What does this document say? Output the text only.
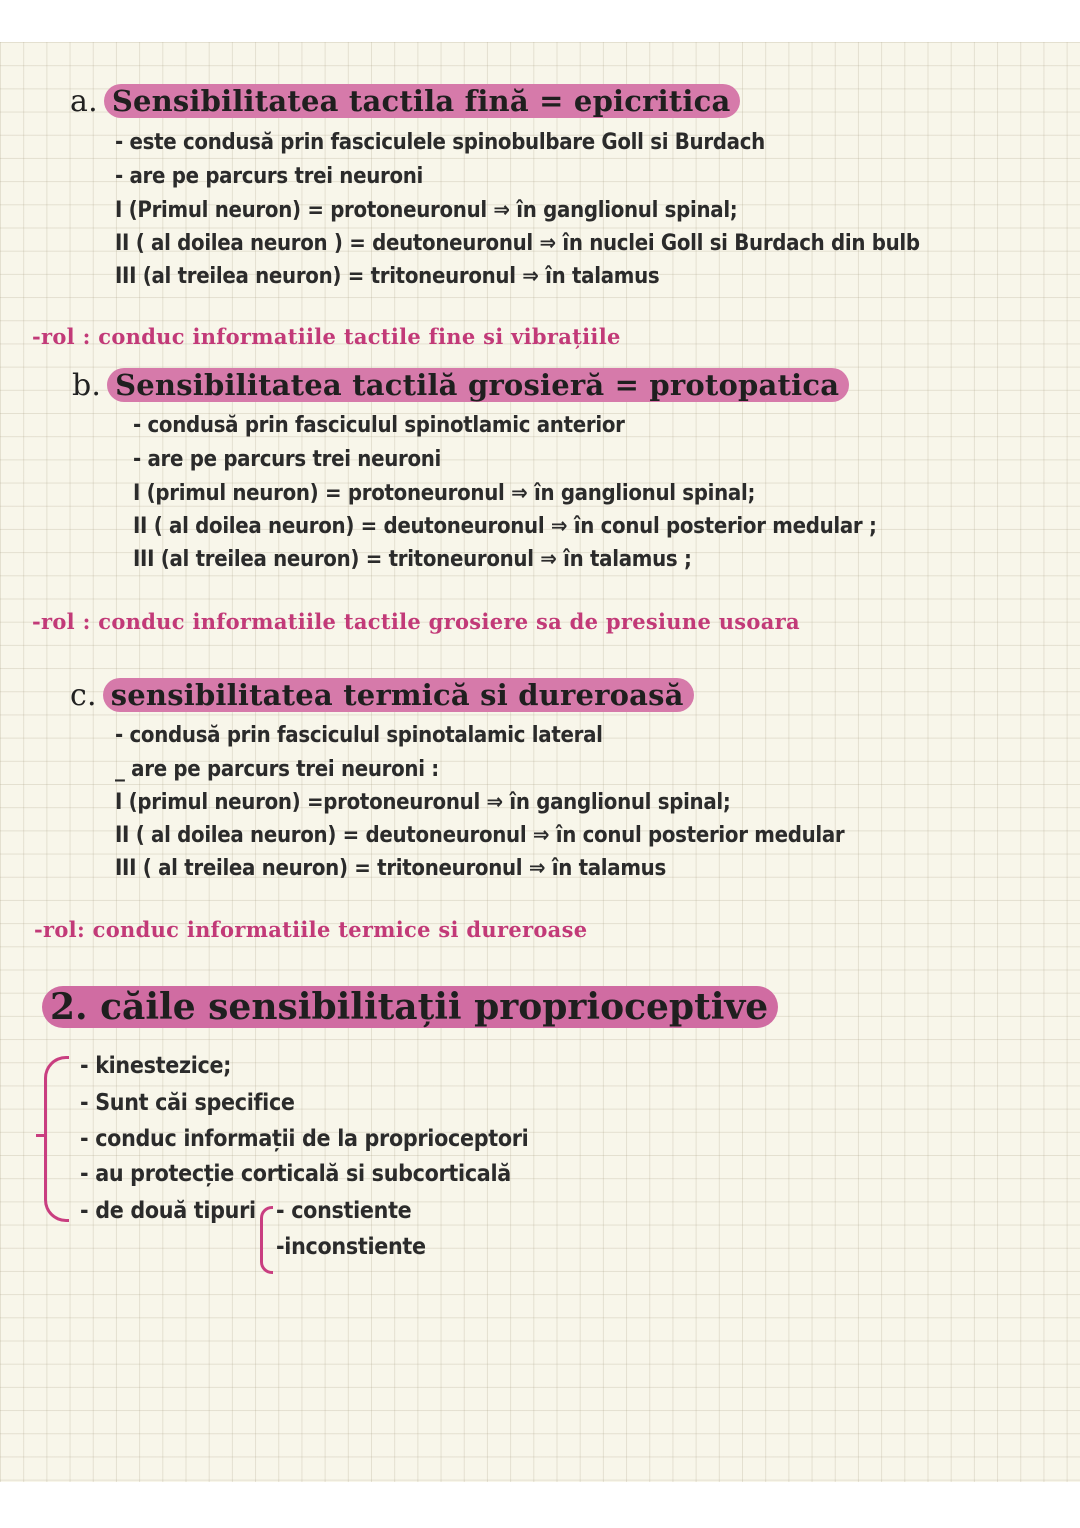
a. Sensibilitatea tactila fină = epicritica
- este condusă prin fasciculele spinobulbare Goll si Burdach
- are pe parcurs trei neuroni
I (Primul neuron) = protoneuronul ⇒ în ganglionul spinal;
II ( al doilea neuron ) = deutoneuronul ⇒ în nuclei Goll si Burdach din bulb
III (al treilea neuron) = tritoneuronul ⇒ în talamus
-rol : conduc informatiile tactile fine si vibrațiile
b. Sensibilitatea tactilă grosieră = protopatica
- condusă prin fasciculul spinotlamic anterior
- are pe parcurs trei neuroni
I (primul neuron) = protoneuronul ⇒ în ganglionul spinal;
II ( al doilea neuron) = deutoneuronul ⇒ în conul posterior medular ;
III (al treilea neuron) = tritoneuronul ⇒ în talamus ;
-rol : conduc informatiile tactile grosiere sa de presiune usoara
c. sensibilitatea termică si dureroasă
- condusă prin fasciculul spinotalamic lateral
_ are pe parcurs trei neuroni :
I (primul neuron) =protoneuronul ⇒ în ganglionul spinal;
II ( al doilea neuron) = deutoneuronul ⇒ în conul posterior medular
III ( al treilea neuron) = tritoneuronul ⇒ în talamus
-rol: conduc informatiile termice si dureroase
2. căile sensibilitații proprioceptive
- kinestezice;
- Sunt căi specifice
- conduc informații de la proprioceptori
- au protecție corticală si subcorticală
- de două tipuri - constiente
-inconstiente
